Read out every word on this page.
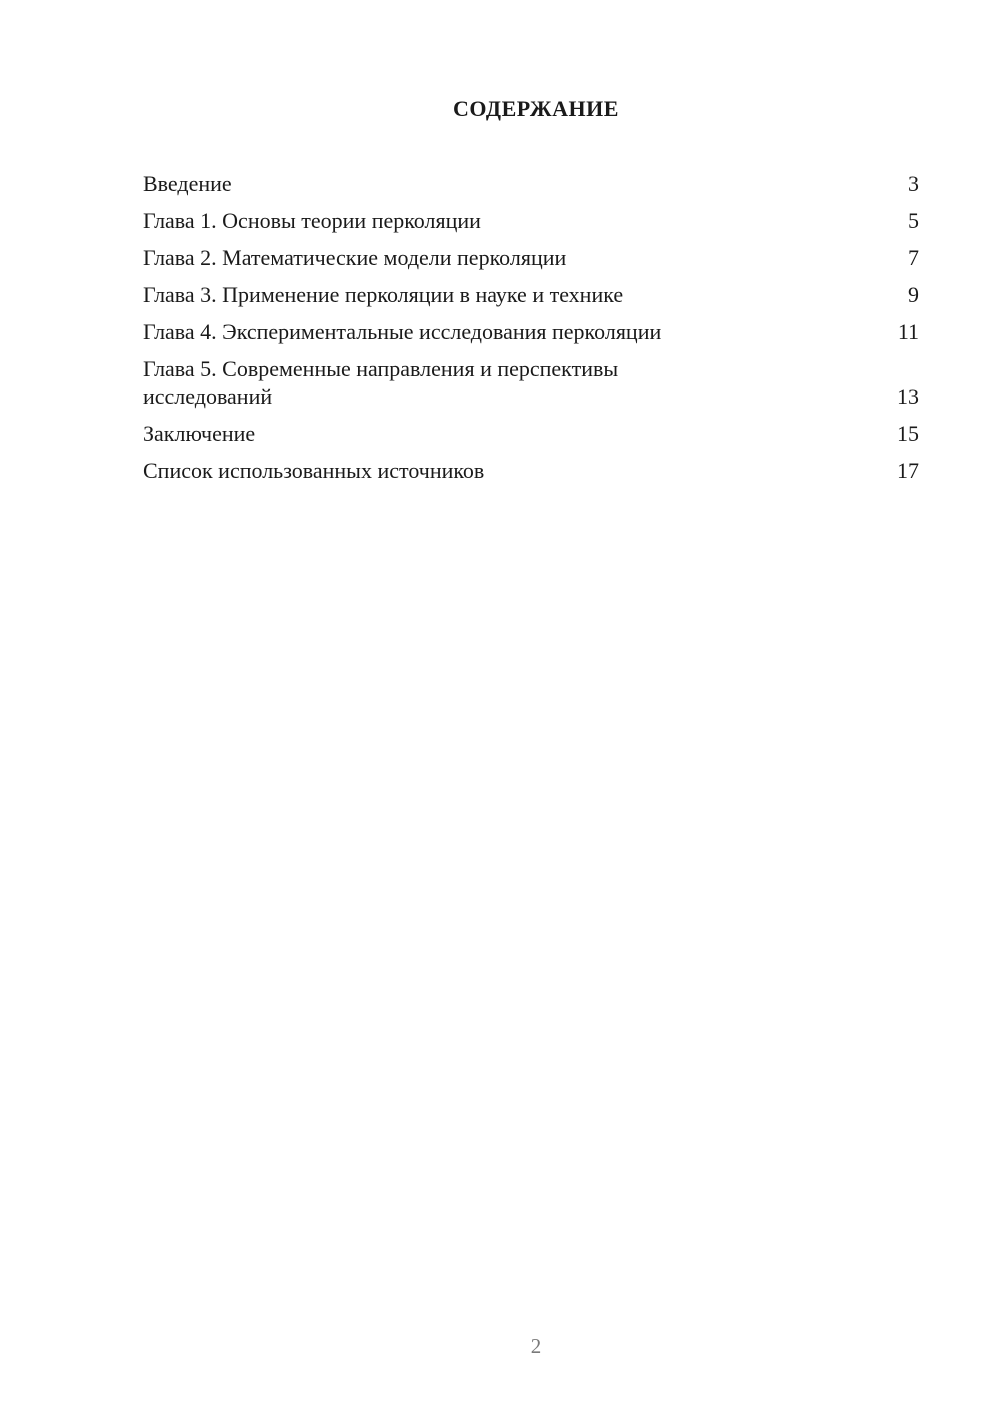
СОДЕРЖАНИЕ
Введение	3
Глава 1. Основы теории перколяции	5
Глава 2. Математические модели перколяции	7
Глава 3. Применение перколяции в науке и технике	9
Глава 4. Экспериментальные исследования перколяции	11
Глава 5. Современные направления и перспективы исследований	13
Заключение	15
Список использованных источников	17
2
